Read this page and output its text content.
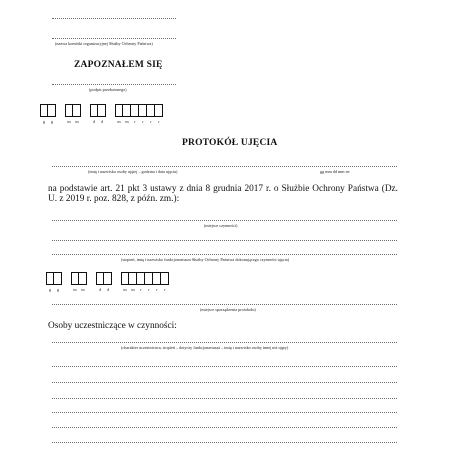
(nazwa komórki organizacyjnej Służby Ochrony Państwa)
ZAPOZNAŁEM SIĘ
(podpis przełożonego)
g	g	m	m	d	d	m	m	r	r	r	r
PROTOKÓŁ UJĘCIA
(imię i nazwisko osoby ujętej – godzina i data ujęcia)	gg mm dd mm rrr
na podstawie art. 21 pkt 3 ustawy z dnia 8 grudnia 2017 r. o Służbie Ochrony Państwa (Dz. U. z 2019 r. poz. 828, z późn. zm.):
(miejsce czynności)
(stopień, imię i nazwisko funkcjonariusza Służby Ochrony Państwa dokonującego czynności ujęcia)
g	g	m	m	d	d	m	m	r	r	r	r
(miejsce sporządzenia protokołu)
Osoby uczestniczące w czynności:
(charakter uczestnictwa, stopień – dotyczy funkcjonariusza – imię i nazwisko osoby innej niż ujęty)
